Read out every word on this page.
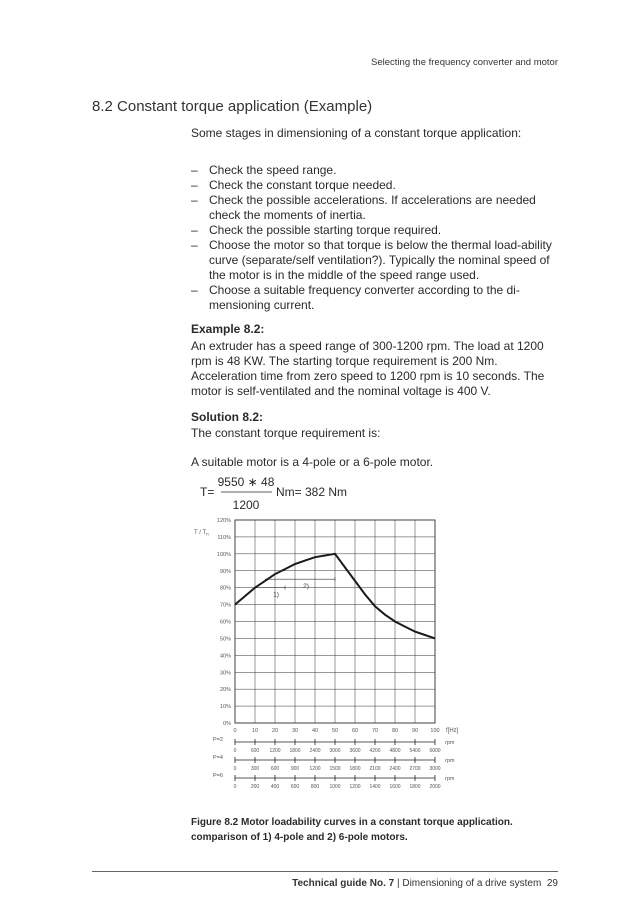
Selecting the frequency converter and motor
8.2 Constant torque application (Example)
Some stages in dimensioning of a constant torque application:
– Check the speed range.
– Check the constant torque needed.
– Check the possible accelerations. If accelerations are needed check the moments of inertia.
– Check the possible starting torque required.
– Choose the motor so that torque is below the thermal load-ability curve (separate/self ventilation?). Typically the nominal speed of the motor is in the middle of the speed range used.
– Choose a suitable frequency converter according to the di-mensioning current.
Example 8.2:
An extruder has a speed range of 300-1200 rpm. The load at 1200 rpm is 48 KW. The starting torque requirement is 200 Nm. Acceleration time from zero speed to 1200 rpm is 10 seconds. The motor is self-ventilated and the nominal voltage is 400 V.
Solution 8.2:
The constant torque requirement is:
A suitable motor is a 4-pole or a 6-pole motor.
T=
9550 ∗ 48
1200
Nm= 382 Nm
0%
10%
20%
30%
40%
50%
60%
70%
80%
90%
100%
110%
120%
0	10	20	30	40	50	60	70	80	90 100
T / $T_n$
f[Hz]
1)
2)
P=2	rpm
0	600 1200 1800 2400 3000 3600 4200 4800 5400 6000
P=4	rpm
0	300 600 900 1200 1500 1800 2100 2400 2700 3000
P=6	rpm
0	200 400 600 800 1000 1200 1400 1600 1800 2000
Figure 8.2 Motor loadability curves in a constant torque application. comparison of 1) 4-pole and 2) 6-pole motors.
Technical guide No. 7 | Dimensioning of a drive system 29
